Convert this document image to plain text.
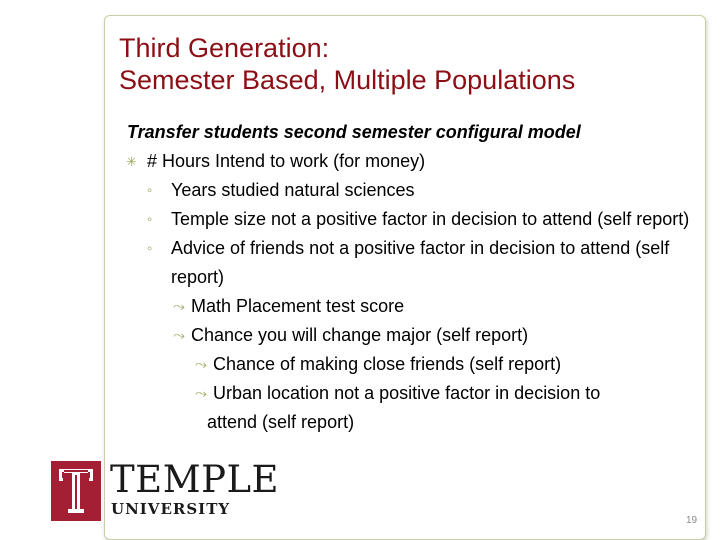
Third Generation:
Semester Based, Multiple Populations
Transfer students second semester configural model
✳ # Hours Intend to work (for money)
◦ Years studied natural sciences
◦ Temple size not a positive factor in decision to attend (self report)
◦ Advice of friends not a positive factor in decision to attend (self report)
⤳ Math Placement test score
⤳ Chance you will change major (self report)
⤳ Chance of making close friends (self report)
⤳ Urban location not a positive factor in decision to
attend (self report)
TEMPLE
UNIVERSITY
19
